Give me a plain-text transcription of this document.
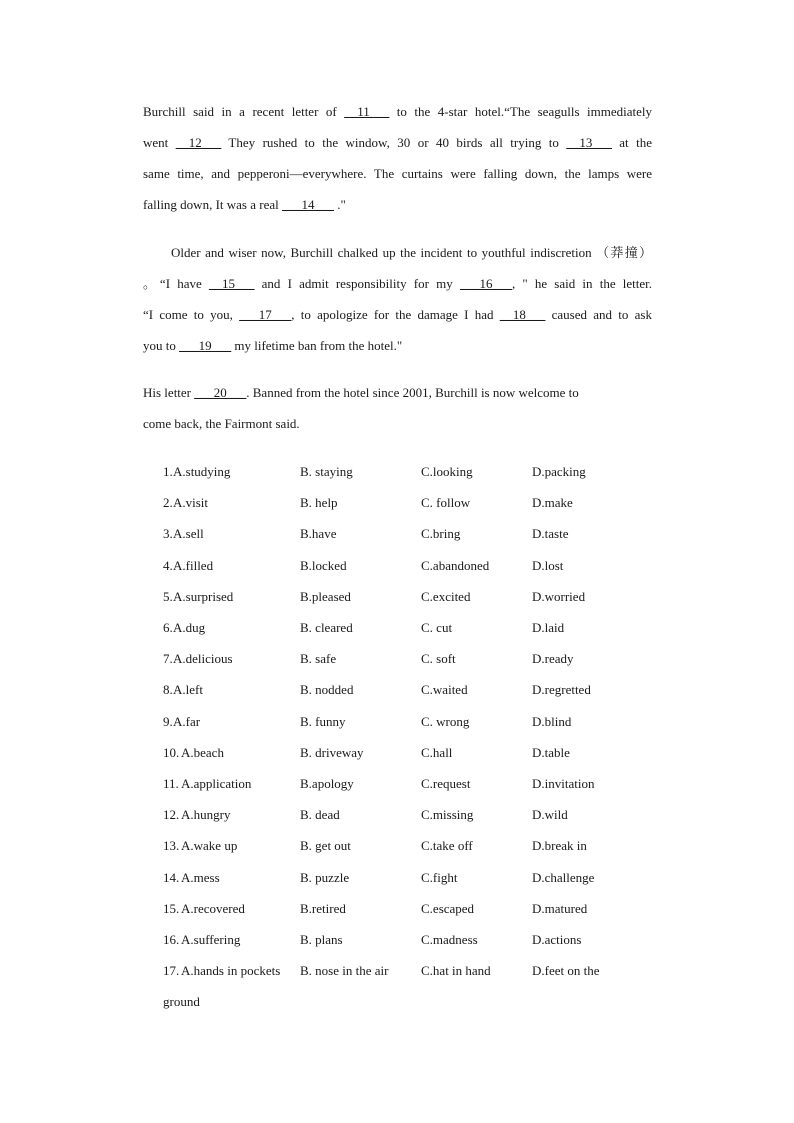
Burchill said in a recent letter of __11___ to the 4-star hotel.“The seagulls immediately
went __12___ They rushed to the window, 30 or 40 birds all trying to __13___ at the
same time, and pepperoni—everywhere. The curtains were falling down, the lamps were
falling down, It was a real ___14___ ."
Older and wiser now, Burchill chalked up the incident to youthful indiscretion （莽撞）
。“I have __15___ and I admit responsibility for my ___16___, " he said in the letter.
“I come to you, ___17___, to apologize for the damage I had __18___ caused and to ask
you to ___19___ my lifetime ban from the hotel."
His letter ___20___. Banned from the hotel since 2001, Burchill is now welcome to
come back, the Fairmont said.
1. A.studying	B. staying	C.looking	D.packing
2. A.visit	B. help	C. follow	D.make
3. A.sell	B.have	C.bring	D.taste
4. A.filled	B.locked	C.abandoned	D.lost
5. A.surprised	B.pleased	C.excited	D.worried
6. A.dug	B. cleared	C. cut	D.laid
7. A.delicious	B. safe	C. soft	D.ready
8. A.left	B. nodded	C.waited	D.regretted
9. A.far	B. funny	C. wrong	D.blind
10. A.beach	B. driveway	C.hall	D.table
11. A.application	B.apology	C.request	D.invitation
12. A.hungry	B. dead	C.missing	D.wild
13. A.wake up	B. get out	C.take off	D.break in
14. A.mess	B. puzzle	C.fight	D.challenge
15. A.recovered	B.retired	C.escaped	D.matured
16. A.suffering	B. plans	C.madness	D.actions
17. A.hands in pockets B. nose in the air	C.hat in hand	D.feet on the
ground
